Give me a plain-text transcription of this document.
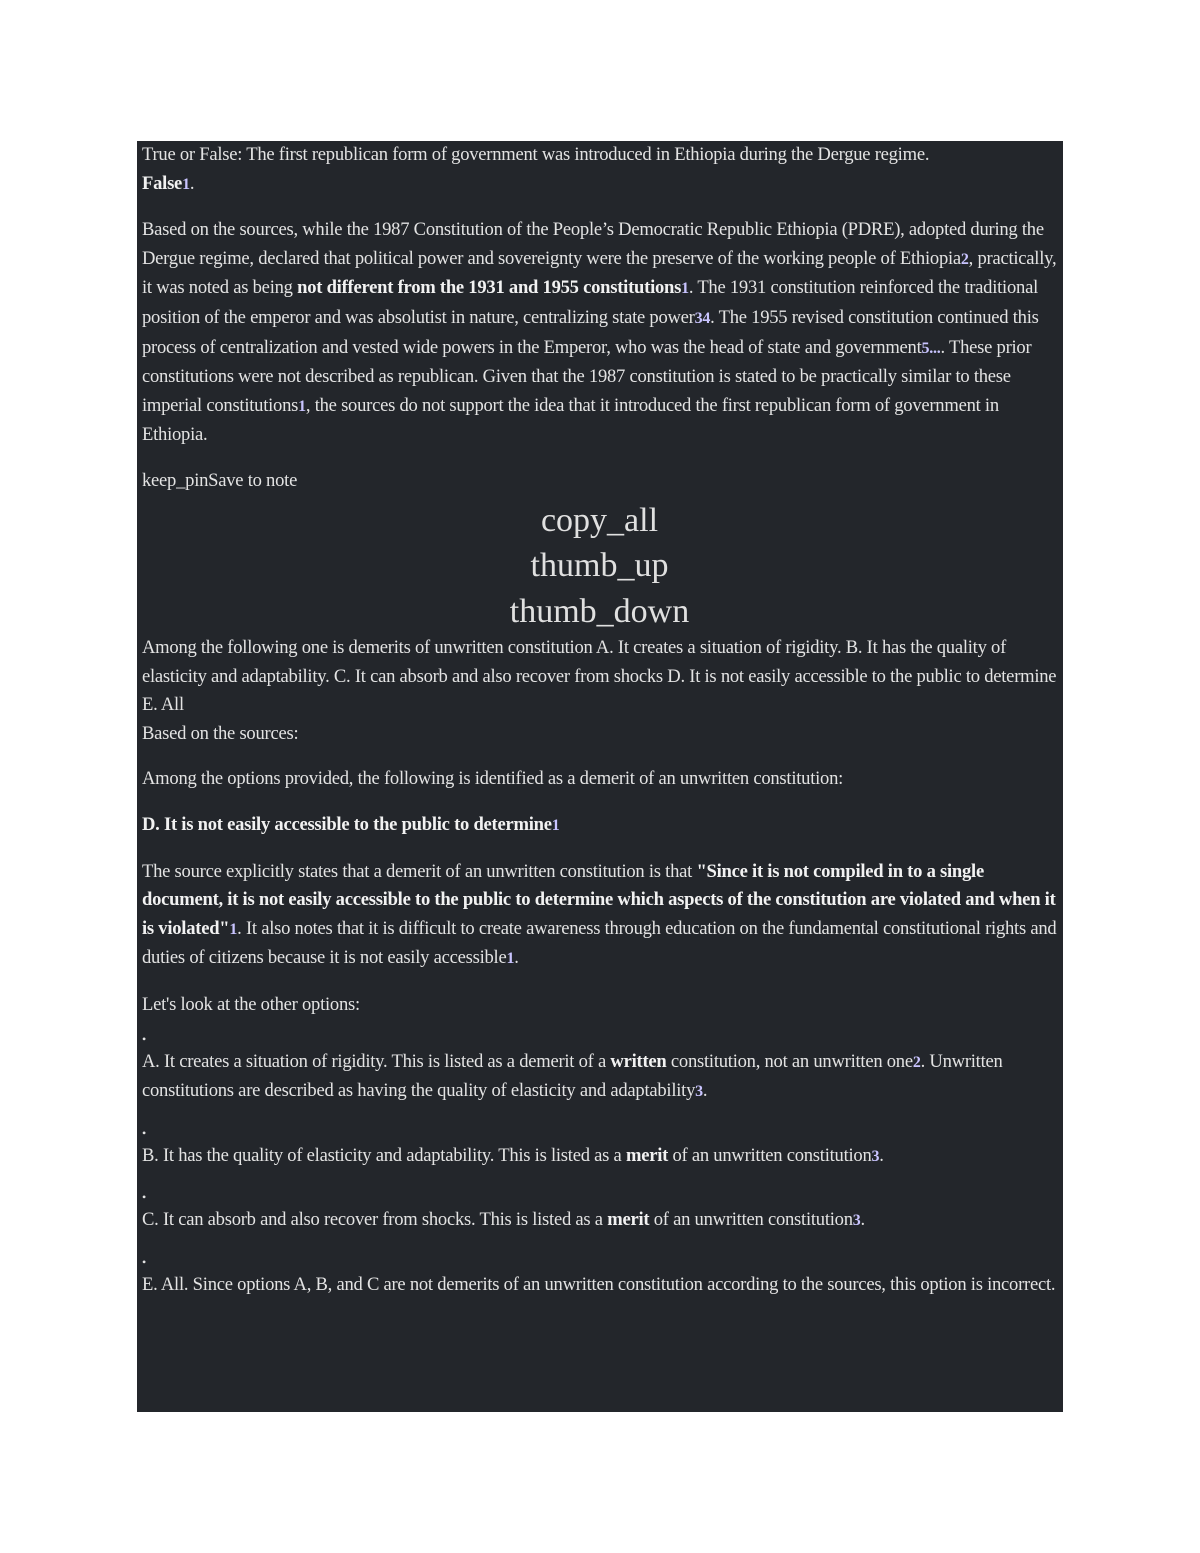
True or False: The first republican form of government was introduced in Ethiopia during the Dergue regime.

False1.

Based on the sources, while the 1987 Constitution of the People’s Democratic Republic Ethiopia (PDRE), adopted during the Dergue regime, declared that political power and sovereignty were the preserve of the working people of Ethiopia2, practically, it was noted as being not different from the 1931 and 1955 constitutions1. The 1931 constitution reinforced the traditional position of the emperor and was absolutist in nature, centralizing state power34. The 1955 revised constitution continued this process of centralization and vested wide powers in the Emperor, who was the head of state and government5.... These prior constitutions were not described as republican. Given that the 1987 constitution is stated to be practically similar to these imperial constitutions1, the sources do not support the idea that it introduced the first republican form of government in Ethiopia.

keep_pinSave to note

copy_all
thumb_up
thumb_down

Among the following one is demerits of unwritten constitution A. It creates a situation of rigidity. B. It has the quality of elasticity and adaptability. C. It can absorb and also recover from shocks D. It is not easily accessible to the public to determine E. All

Based on the sources:

Among the options provided, the following is identified as a demerit of an unwritten constitution:

D. It is not easily accessible to the public to determine1

The source explicitly states that a demerit of an unwritten constitution is that "Since it is not compiled in to a single document, it is not easily accessible to the public to determine which aspects of the constitution are violated and when it is violated"1. It also notes that it is difficult to create awareness through education on the fundamental constitutional rights and duties of citizens because it is not easily accessible1.

Let's look at the other options:

•

A. It creates a situation of rigidity. This is listed as a demerit of a written constitution, not an unwritten one2. Unwritten constitutions are described as having the quality of elasticity and adaptability3.

•

B. It has the quality of elasticity and adaptability. This is listed as a merit of an unwritten constitution3.

•

C. It can absorb and also recover from shocks. This is listed as a merit of an unwritten constitution3.

•

E. All. Since options A, B, and C are not demerits of an unwritten constitution according to the sources, this option is incorrect.
